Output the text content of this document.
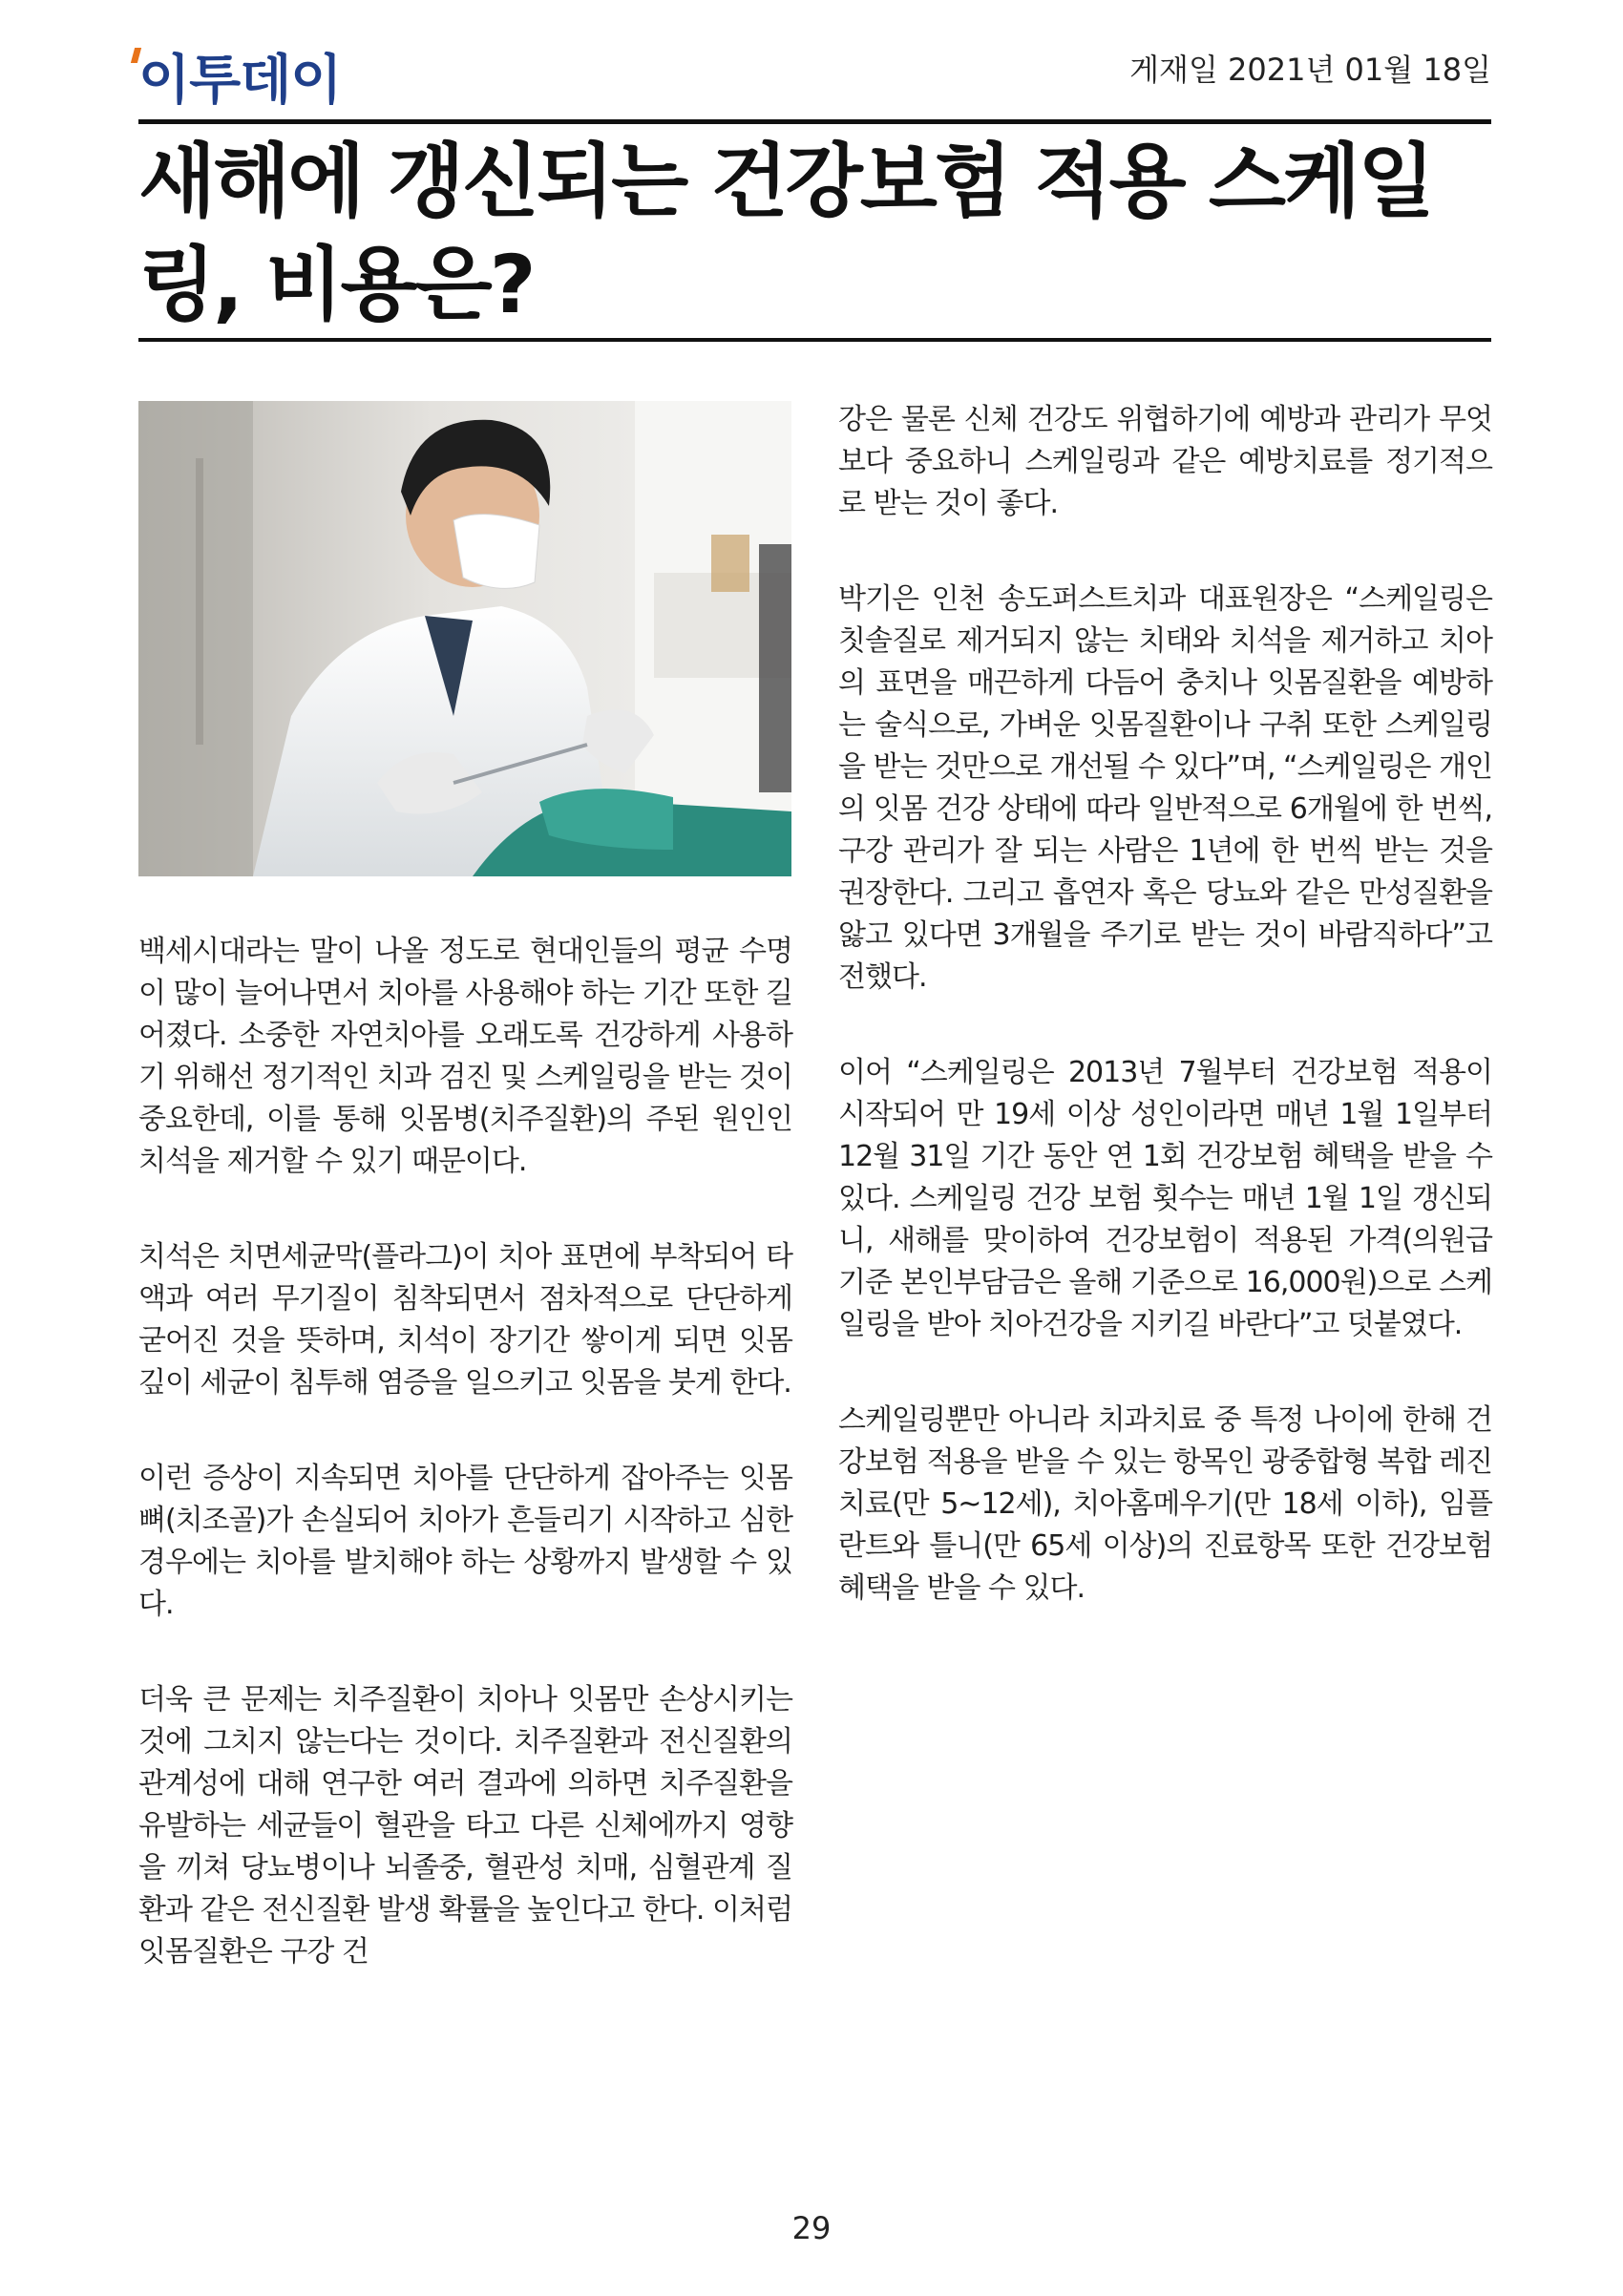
이투데이	게재일 2021년 01월 18일
새해에 갱신되는 건강보험 적용 스케일링, 비용은?

백세시대라는 말이 나올 정도로 현대인들의 평균 수명이 많이 늘어나면서 치아를 사용해야 하는 기간 또한 길어졌다. 소중한 자연치아를 오래도록 건강하게 사용하기 위해선 정기적인 치과 검진 및 스케일링을 받는 것이 중요한데, 이를 통해 잇몸병(치주질환)의 주된 원인인 치석을 제거할 수 있기 때문이다.

치석은 치면세균막(플라그)이 치아 표면에 부착되어 타액과 여러 무기질이 침착되면서 점차적으로 단단하게 굳어진 것을 뜻하며, 치석이 장기간 쌓이게 되면 잇몸 깊이 세균이 침투해 염증을 일으키고 잇몸을 붓게 한다.

이런 증상이 지속되면 치아를 단단하게 잡아주는 잇몸뼈(치조골)가 손실되어 치아가 흔들리기 시작하고 심한 경우에는 치아를 발치해야 하는 상황까지 발생할 수 있다.

더욱 큰 문제는 치주질환이 치아나 잇몸만 손상시키는 것에 그치지 않는다는 것이다. 치주질환과 전신질환의 관계성에 대해 연구한 여러 결과에 의하면 치주질환을 유발하는 세균들이 혈관을 타고 다른 신체에까지 영향을 끼쳐 당뇨병이나 뇌졸중, 혈관성 치매, 심혈관계 질환과 같은 전신질환 발생 확률을 높인다고 한다. 이처럼 잇몸질환은 구강 건

강은 물론 신체 건강도 위협하기에 예방과 관리가 무엇보다 중요하니 스케일링과 같은 예방치료를 정기적으로 받는 것이 좋다.

박기은 인천 송도퍼스트치과 대표원장은 “스케일링은 칫솔질로 제거되지 않는 치태와 치석을 제거하고 치아의 표면을 매끈하게 다듬어 충치나 잇몸질환을 예방하는 술식으로, 가벼운 잇몸질환이나 구취 또한 스케일링을 받는 것만으로 개선될 수 있다”며, “스케일링은 개인의 잇몸 건강 상태에 따라 일반적으로 6개월에 한 번씩, 구강 관리가 잘 되는 사람은 1년에 한 번씩 받는 것을 권장한다. 그리고 흡연자 혹은 당뇨와 같은 만성질환을 앓고 있다면 3개월을 주기로 받는 것이 바람직하다”고 전했다.

이어 “스케일링은 2013년 7월부터 건강보험 적용이 시작되어 만 19세 이상 성인이라면 매년 1월 1일부터 12월 31일 기간 동안 연 1회 건강보험 혜택을 받을 수 있다. 스케일링 건강 보험 횟수는 매년 1월 1일 갱신되니, 새해를 맞이하여 건강보험이 적용된 가격(의원급 기준 본인부담금은 올해 기준으로 16,000원)으로 스케일링을 받아 치아건강을 지키길 바란다”고 덧붙였다.

스케일링뿐만 아니라 치과치료 중 특정 나이에 한해 건강보험 적용을 받을 수 있는 항목인 광중합형 복합 레진치료(만 5~12세), 치아홈메우기(만 18세 이하), 임플란트와 틀니(만 65세 이상)의 진료항목 또한 건강보험 혜택을 받을 수 있다.

29
